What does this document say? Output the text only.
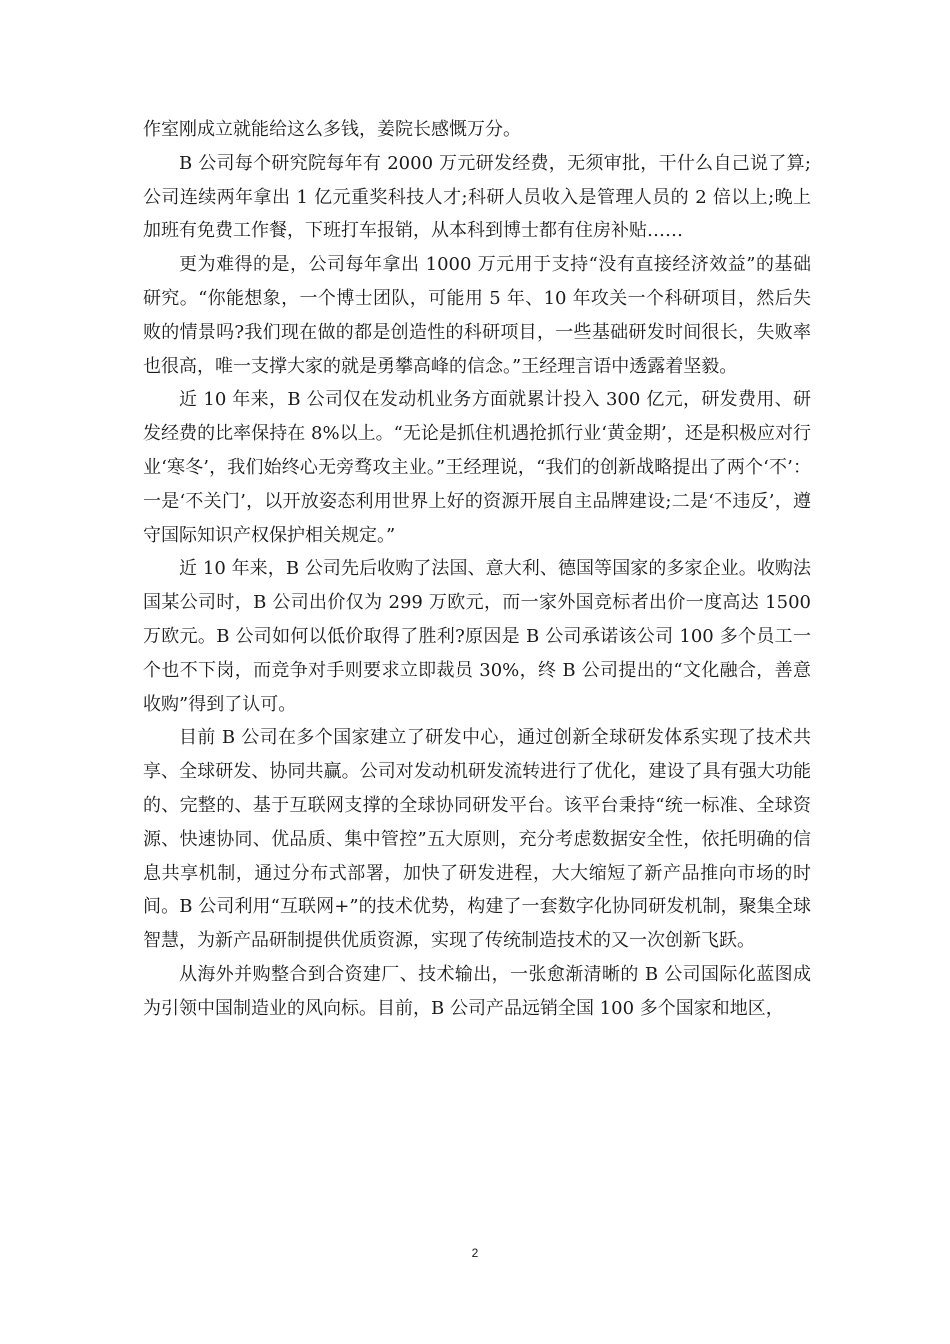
作室刚成立就能给这么多钱，姜院长感慨万分。

B 公司每个研究院每年有 2000 万元研发经费，无须审批，干什么自己说了算;公司连续两年拿出 1 亿元重奖科技人才;科研人员收入是管理人员的 2 倍以上;晚上加班有免费工作餐，下班打车报销，从本科到博士都有住房补贴……

更为难得的是，公司每年拿出 1000 万元用于支持“没有直接经济效益”的基础研究。“你能想象，一个博士团队，可能用 5 年、10 年攻关一个科研项目，然后失败的情景吗?我们现在做的都是创造性的科研项目，一些基础研发时间很长，失败率也很高，唯一支撑大家的就是勇攀高峰的信念。”王经理言语中透露着坚毅。

近 10 年来，B 公司仅在发动机业务方面就累计投入 300 亿元，研发费用、研发经费的比率保持在 8%以上。“无论是抓住机遇抢抓行业‘黄金期’，还是积极应对行业‘寒冬’，我们始终心无旁骛攻主业。”王经理说，“我们的创新战略提出了两个‘不’：一是‘不关门’，以开放姿态利用世界上好的资源开展自主品牌建设;二是‘不违反’，遵守国际知识产权保护相关规定。”

近 10 年来，B 公司先后收购了法国、意大利、德国等国家的多家企业。收购法国某公司时，B 公司出价仅为 299 万欧元，而一家外国竞标者出价一度高达 1500 万欧元。B 公司如何以低价取得了胜利?原因是 B 公司承诺该公司 100 多个员工一个也不下岗，而竞争对手则要求立即裁员 30%，终 B 公司提出的“文化融合，善意收购”得到了认可。

目前 B 公司在多个国家建立了研发中心，通过创新全球研发体系实现了技术共享、全球研发、协同共赢。公司对发动机研发流转进行了优化，建设了具有强大功能的、完整的、基于互联网支撑的全球协同研发平台。该平台秉持“统一标准、全球资源、快速协同、优品质、集中管控”五大原则，充分考虑数据安全性，依托明确的信息共享机制，通过分布式部署，加快了研发进程，大大缩短了新产品推向市场的时间。B 公司利用“互联网+”的技术优势，构建了一套数字化协同研发机制，聚集全球智慧，为新产品研制提供优质资源，实现了传统制造技术的又一次创新飞跃。

从海外并购整合到合资建厂、技术输出，一张愈渐清晰的 B 公司国际化蓝图成为引领中国制造业的风向标。目前，B 公司产品远销全国 100 多个国家和地区，

2
